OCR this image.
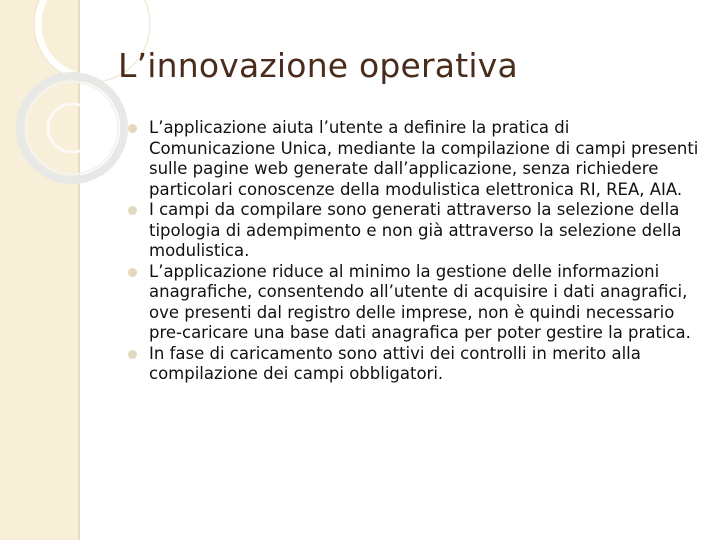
L’innovazione operativa
L’applicazione aiuta l’utente a definire la pratica di Comunicazione Unica, mediante la compilazione di campi presenti sulle pagine web generate dall’applicazione, senza richiedere particolari conoscenze della modulistica elettronica RI, REA, AIA.
I campi da compilare sono generati attraverso la selezione della tipologia di adempimento e non già attraverso la selezione della modulistica.
L’applicazione riduce al minimo la gestione delle informazioni anagrafiche, consentendo all’utente di acquisire i dati anagrafici, ove presenti dal registro delle imprese, non è quindi necessario pre-caricare una base dati anagrafica per poter gestire la pratica.
In fase di caricamento sono attivi dei controlli in merito alla compilazione dei campi obbligatori.
